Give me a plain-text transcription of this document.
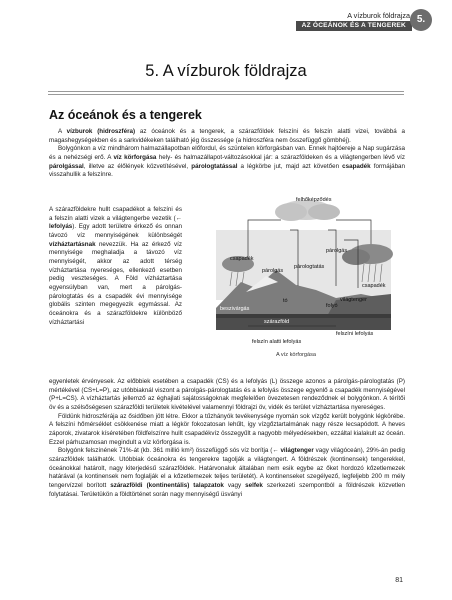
A vízburok földrajza
AZ ÓCEÁNOK ÉS A TENGEREK
5.
5. A vízburok földrajza
Az óceánok és a tengerek

A vízburok (hidroszféra) az óceánok és a tengerek, a szárazföldek felszíni és felszín alatti vizei, továbbá a magashegységekben és a sarkvidékeken található jég összessége (a hidroszféra nem összefüggő gömbhéj).

Bolygónkon a víz mindhárom halmazállapotban előfordul, és szüntelen körforgásban van. Ennek hajtóereje a Nap sugárzása és a nehézségi erő. A víz körforgása hely- és halmazállapot-változásokkal jár: a szárazföldeken és a világtengerben lévő víz párolgással, illetve az élőlények közvetítésével, párologtatással a légkörbe jut, majd azt követően csapadék formájában visszahullik a felszínre.

A szárazföldekre hullt csapadékot a felszíni és a felszín alatti vizek a világtengerbe vezetik (← lefolyás). Egy adott területre érkező és onnan távozó víz mennyiségének különbségét vízháztartásnak nevezzük. Ha az érkező víz mennyisége meghaladja a távozó víz mennyiségét, akkor az adott térség vízháztartása nyereséges, ellenkező esetben pedig veszteséges. A Föld vízháztartása egyensúlyban van, mert a párolgás-párologtatás és a csapadék évi mennyisége globális szinten megegyezik egymással. Az óceánokra és a szárazföldekre különböző vízháztartási

felhőképződés
csapadék
párolgás
párologtatás
párolgás
csapadék
világtenger
tó
folyó
beszivárgás
szárazföld
felszíni lefolyás
felszín alatti lefolyás
A víz körforgása

egyenletek érvényesek. Az előbbiek esetében a csapadék (CS) és a lefolyás (L) összege azonos a párolgás-párologtatás (P) mértékével (CS+L=P), az utóbbiaknál viszont a párolgás-párologtatás és a lefolyás összege egyenlő a csapadék mennyiségével (P+L=CS). A vízháztartás jellemző az éghajlati sajátosságoknak megfelelően övezetesen rendeződnek el bolygónkon. A térítői öv és a szélsőségesen szárazföldi területek kivételével valamennyi földrajzi öv, vidék és terület vízháztartása nyereséges.

Földünk hidroszférája az ősidőben jött létre. Ekkor a tűzhányók tevékenysége nyomán sok vízgőz került bolygónk légkörébe. A felszíni hőmérséklet csökkenése miatt a légkör fokozatosan lehűlt, így vízgőztartalmának nagy része lecsapódott. A heves záporok, zivatarok kíséretében földfelszínre hullt csapadékvíz összegyűlt a nagyobb mélyedésekben, ezzáltal kialakult az óceán. Ezzel párhuzamosan megindult a víz körforgása is.

Bolygónk felszínének 71%-át (kb. 361 millió km²) összefüggő sós víz borítja (← világtenger vagy világóceán), 29%-án pedig szárazföldek találhatók. Utóbbiak óceánokra és tengerekre tagolják a világtengert. A földrészek (kontinensek) tengerekkel, óceánokkal határolt, nagy kiterjedésű szárazföldek. Határvonaluk általában nem esik egybe az őket hordozó kőzetlemezek határával (a kontinensek nem foglalják el a kőzetlemezek teljes területét). A kontinenseket szegélyező, legfeljebb 200 m mély tengervízzel borított szárazföldi (kontinentális) talapzatok vagy selfek szerkezeti szempontból a földrészek közvetlen folytatásai. Területükön a földtörténet során nagy mennyiségű üsványi

81
